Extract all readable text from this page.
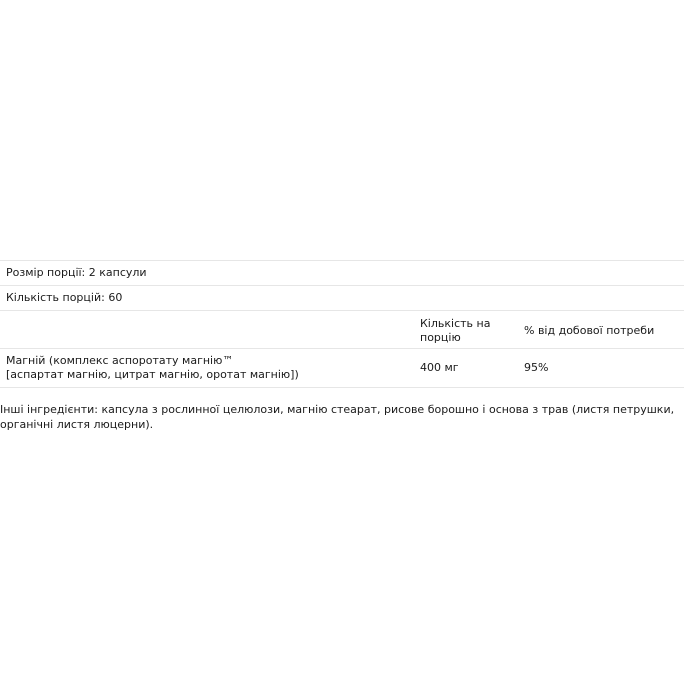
Розмір порції: 2 капсули
Кількість порцій: 60
Кількість на порцію
% від добової потреби
Магній (комплекс аспоротату магнію™
[аспартат магнію, цитрат магнію, оротат магнію])
400 мг	95%
Інші інгредієнти: капсула з рослинної целюлози, магнію стеарат, рисове борошно і основа з трав (листя петрушки, органічні листя люцерни).
